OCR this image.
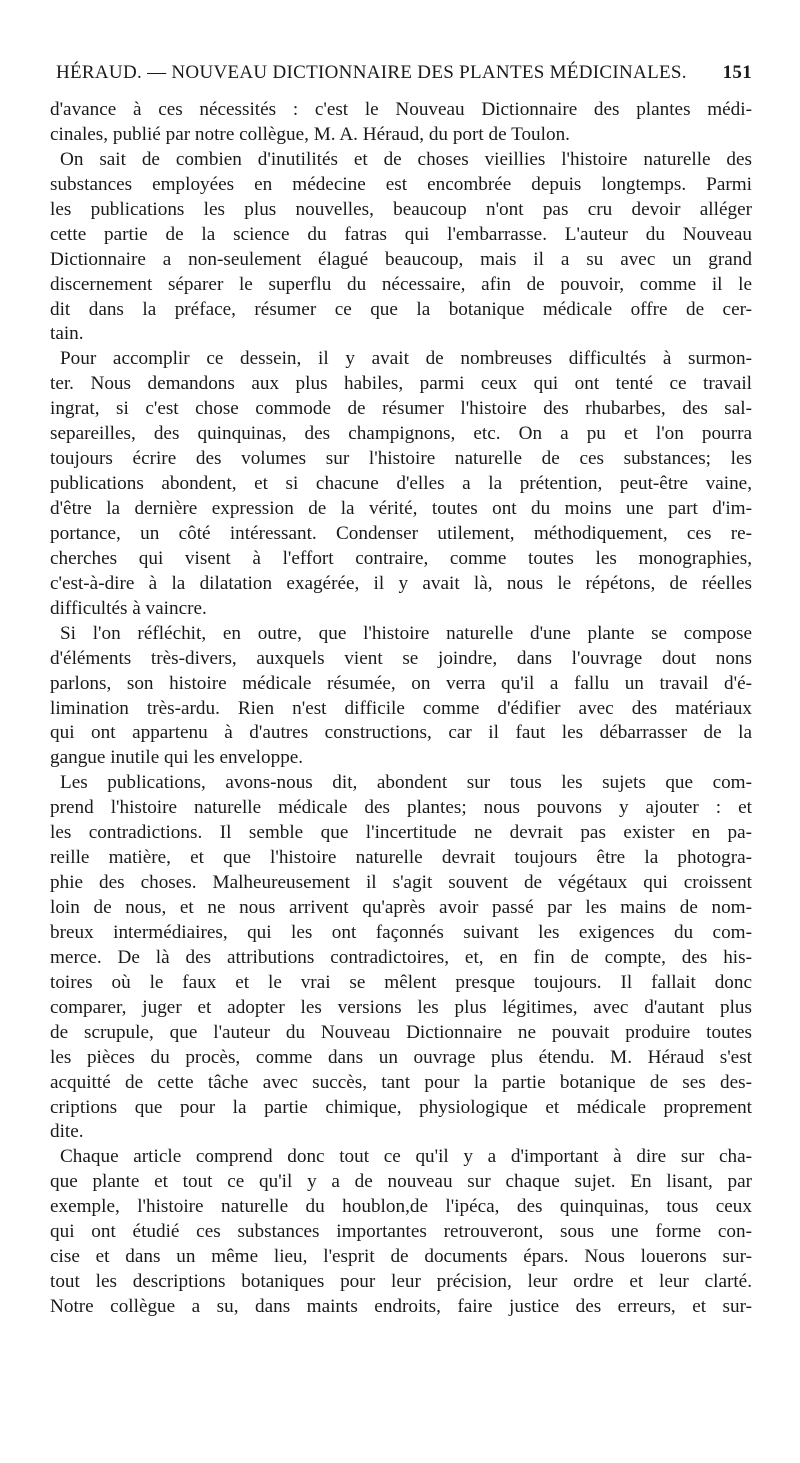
HÉRAUD. — NOUVEAU DICTIONNAIRE DES PLANTES MÉDICINALES. 151
d'avance à ces nécessités : c'est le Nouveau Dictionnaire des plantes médi-
cinales, publié par notre collègue, M. A. Héraud, du port de Toulon.
On sait de combien d'inutilités et de choses vieillies l'histoire naturelle des
substances employées en médecine est encombrée depuis longtemps. Parmi
les publications les plus nouvelles, beaucoup n'ont pas cru devoir alléger
cette partie de la science du fatras qui l'embarrasse. L'auteur du Nouveau
Dictionnaire a non-seulement élagué beaucoup, mais il a su avec un grand
discernement séparer le superflu du nécessaire, afin de pouvoir, comme il le
dit dans la préface, résumer ce que la botanique médicale offre de cer-
tain.
Pour accomplir ce dessein, il y avait de nombreuses difficultés à surmon-
ter. Nous demandons aux plus habiles, parmi ceux qui ont tenté ce travail
ingrat, si c'est chose commode de résumer l'histoire des rhubarbes, des sal-
separeilles, des quinquinas, des champignons, etc. On a pu et l'on pourra
toujours écrire des volumes sur l'histoire naturelle de ces substances; les
publications abondent, et si chacune d'elles a la prétention, peut-être vaine,
d'être la dernière expression de la vérité, toutes ont du moins une part d'im-
portance, un côté intéressant. Condenser utilement, méthodiquement, ces re-
cherches qui visent à l'effort contraire, comme toutes les monographies,
c'est-à-dire à la dilatation exagérée, il y avait là, nous le répétons, de réelles
difficultés à vaincre.
Si l'on réfléchit, en outre, que l'histoire naturelle d'une plante se compose
d'éléments très-divers, auxquels vient se joindre, dans l'ouvrage dout nons
parlons, son histoire médicale résumée, on verra qu'il a fallu un travail d'é-
limination très-ardu. Rien n'est difficile comme d'édifier avec des matériaux
qui ont appartenu à d'autres constructions, car il faut les débarrasser de la
gangue inutile qui les enveloppe.
Les publications, avons-nous dit, abondent sur tous les sujets que com-
prend l'histoire naturelle médicale des plantes; nous pouvons y ajouter : et
les contradictions. Il semble que l'incertitude ne devrait pas exister en pa-
reille matière, et que l'histoire naturelle devrait toujours être la photogra-
phie des choses. Malheureusement il s'agit souvent de végétaux qui croissent
loin de nous, et ne nous arrivent qu'après avoir passé par les mains de nom-
breux intermédiaires, qui les ont façonnés suivant les exigences du com-
merce. De là des attributions contradictoires, et, en fin de compte, des his-
toires où le faux et le vrai se mêlent presque toujours. Il fallait donc
comparer, juger et adopter les versions les plus légitimes, avec d'autant plus
de scrupule, que l'auteur du Nouveau Dictionnaire ne pouvait produire toutes
les pièces du procès, comme dans un ouvrage plus étendu. M. Héraud s'est
acquitté de cette tâche avec succès, tant pour la partie botanique de ses des-
criptions que pour la partie chimique, physiologique et médicale proprement
dite.
Chaque article comprend donc tout ce qu'il y a d'important à dire sur cha-
que plante et tout ce qu'il y a de nouveau sur chaque sujet. En lisant, par
exemple, l'histoire naturelle du houblon,de l'ipéca, des quinquinas, tous ceux
qui ont étudié ces substances importantes retrouveront, sous une forme con-
cise et dans un même lieu, l'esprit de documents épars. Nous louerons sur-
tout les descriptions botaniques pour leur précision, leur ordre et leur clarté.
Notre collègue a su, dans maints endroits, faire justice des erreurs, et sur-
